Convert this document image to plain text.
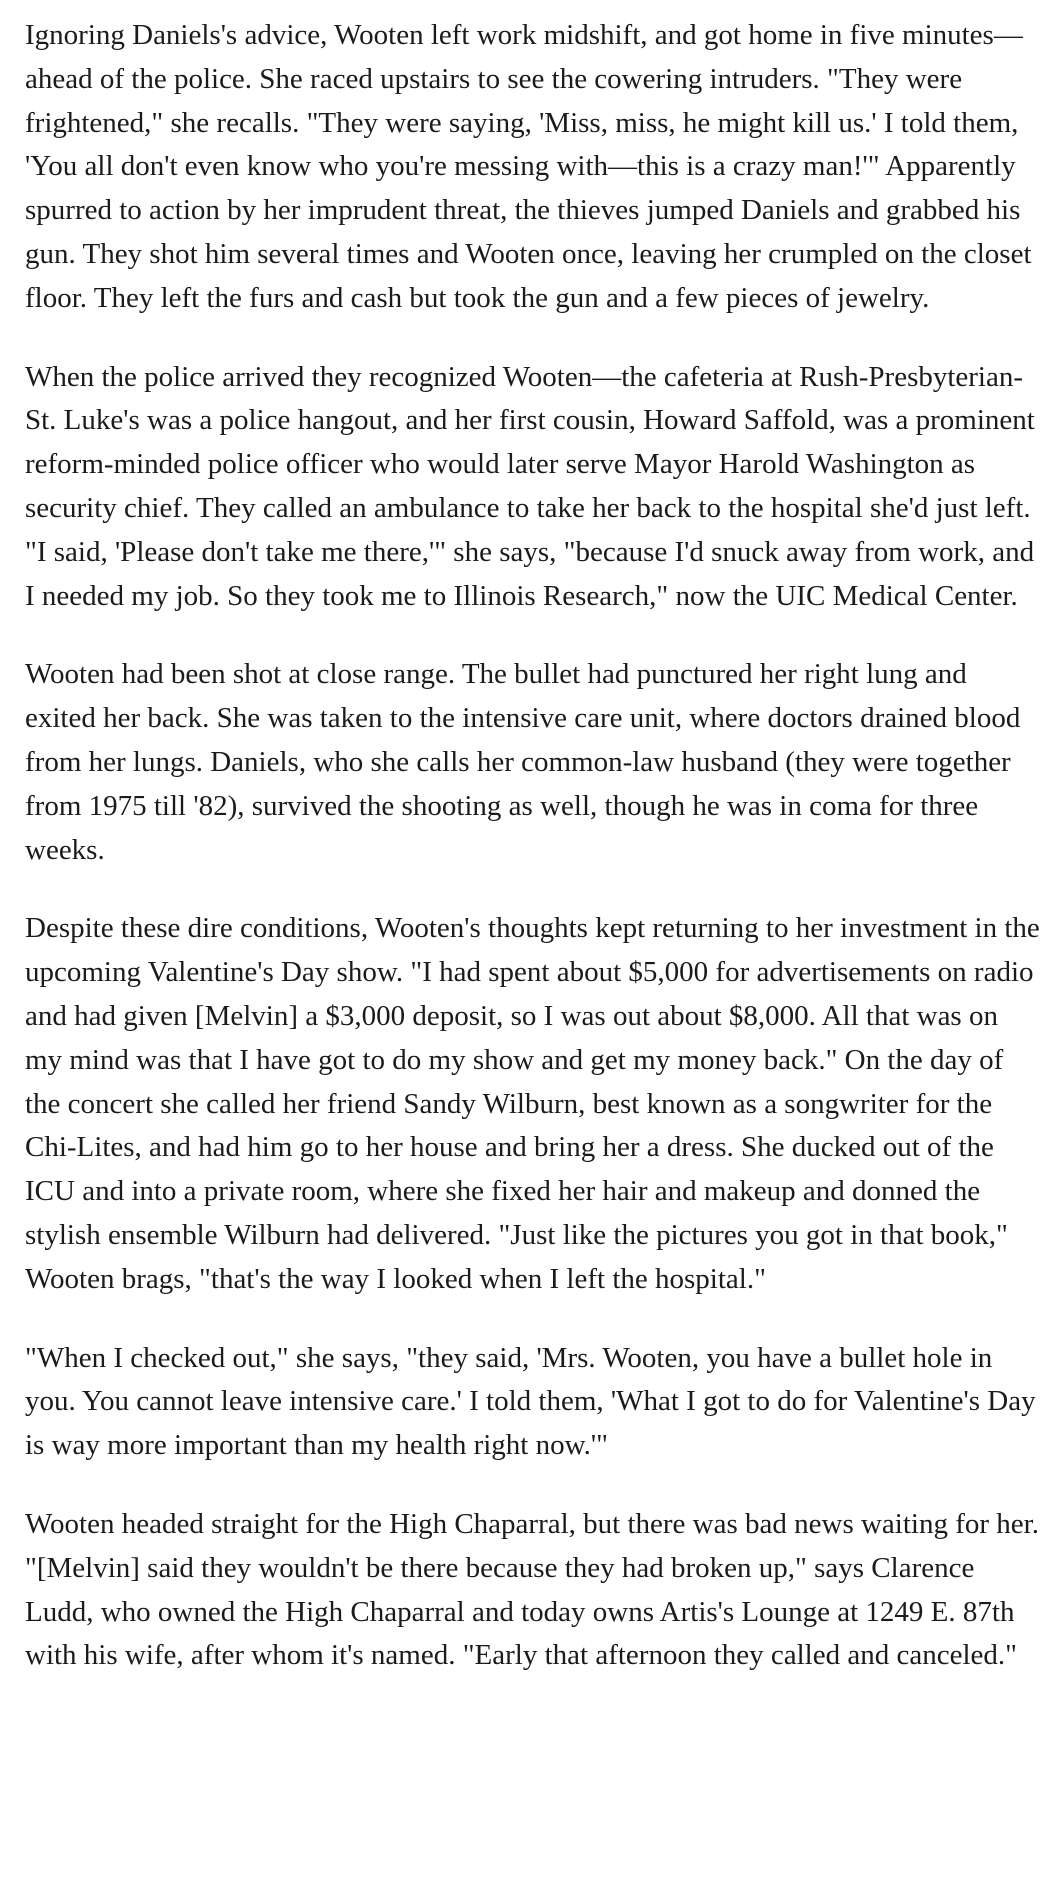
Ignoring Daniels's advice, Wooten left work midshift, and got home in five minutes—ahead of the police. She raced upstairs to see the cowering intruders. "They were frightened," she recalls. "They were saying, 'Miss, miss, he might kill us.' I told them, 'You all don't even know who you're messing with—this is a crazy man!'" Apparently spurred to action by her imprudent threat, the thieves jumped Daniels and grabbed his gun. They shot him several times and Wooten once, leaving her crumpled on the closet floor. They left the furs and cash but took the gun and a few pieces of jewelry.

When the police arrived they recognized Wooten—the cafeteria at Rush-Presbyterian-St. Luke's was a police hangout, and her first cousin, Howard Saffold, was a prominent reform-minded police officer who would later serve Mayor Harold Washington as security chief. They called an ambulance to take her back to the hospital she'd just left. "I said, 'Please don't take me there,'" she says, "because I'd snuck away from work, and I needed my job. So they took me to Illinois Research," now the UIC Medical Center.

Wooten had been shot at close range. The bullet had punctured her right lung and exited her back. She was taken to the intensive care unit, where doctors drained blood from her lungs. Daniels, who she calls her common-law husband (they were together from 1975 till '82), survived the shooting as well, though he was in coma for three weeks.

Despite these dire conditions, Wooten's thoughts kept returning to her investment in the upcoming Valentine's Day show. "I had spent about $5,000 for advertisements on radio and had given [Melvin] a $3,000 deposit, so I was out about $8,000. All that was on my mind was that I have got to do my show and get my money back." On the day of the concert she called her friend Sandy Wilburn, best known as a songwriter for the Chi-Lites, and had him go to her house and bring her a dress. She ducked out of the ICU and into a private room, where she fixed her hair and makeup and donned the stylish ensemble Wilburn had delivered. "Just like the pictures you got in that book," Wooten brags, "that's the way I looked when I left the hospital."

"When I checked out," she says, "they said, 'Mrs. Wooten, you have a bullet hole in you. You cannot leave intensive care.' I told them, 'What I got to do for Valentine's Day is way more important than my health right now.'"

Wooten headed straight for the High Chaparral, but there was bad news waiting for her. "[Melvin] said they wouldn't be there because they had broken up," says Clarence Ludd, who owned the High Chaparral and today owns Artis's Lounge at 1249 E. 87th with his wife, after whom it's named. "Early that afternoon they called and canceled."
